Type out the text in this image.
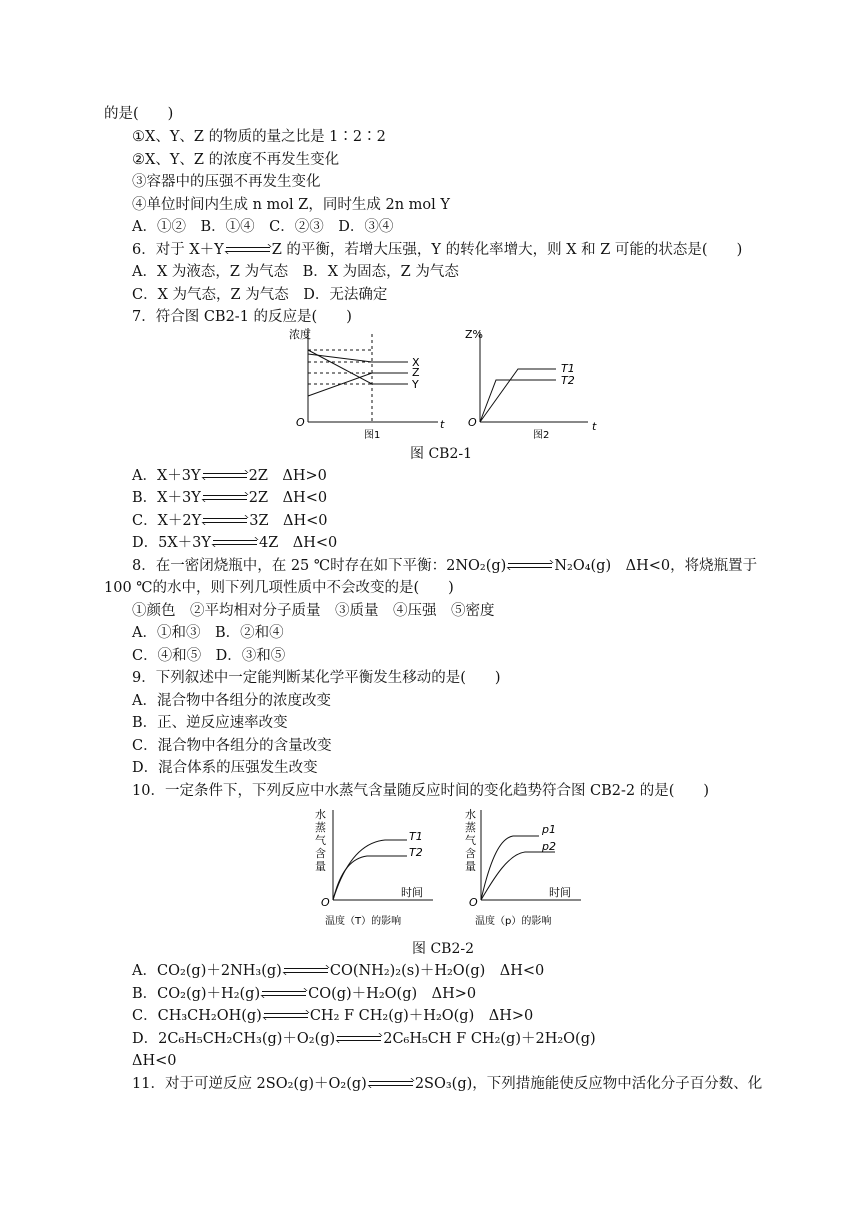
的是(　　)
①X、Y、Z 的物质的量之比是 1∶2∶2
②X、Y、Z 的浓度不再发生变化
③容器中的压强不再发生变化
④单位时间内生成 n mol Z，同时生成 2n mol Y
A．①②　B．①④　C．②③　D．③④
6．对于 X＋Y	Z 的平衡，若增大压强，Y 的转化率增大，则 X 和 Z 可能的状态是(　　)
A．X 为液态，Z 为气态　B．X 为固态，Z 为气态
C．X 为气态，Z 为气态　D．无法确定
7．符合图 CB2-1 的反应是(　　)
浓度
O	t
X
Z
Y
图1
Z%
O	t
T1
T2
图2
图 CB2-1
A．X＋3Y	2Z　ΔH>0
B．X＋3Y	2Z　ΔH<0
C．X＋2Y	3Z　ΔH<0
D．5X＋3Y	4Z　ΔH<0
8．在一密闭烧瓶中，在 25 ℃时存在如下平衡：2NO₂(g)	N₂O₄(g)　ΔH<0，将烧瓶置于
100 ℃的水中，则下列几项性质中不会改变的是(　　)
①颜色　②平均相对分子质量　③质量　④压强　⑤密度
A．①和③　B．②和④
C．④和⑤　D．③和⑤
9．下列叙述中一定能判断某化学平衡发生移动的是(　　)
A．混合物中各组分的浓度改变
B．正、逆反应速率改变
C．混合物中各组分的含量改变
D．混合体系的压强发生改变
10．一定条件下，下列反应中水蒸气含量随反应时间的变化趋势符合图 CB2-2 的是(　　)
水
蒸
气
含
量
O
时间
T1
T2
温度（T）的影响
水
蒸
气
含
量
O
时间
p1
p2
温度（p）的影响
图 CB2-2
A．CO₂(g)＋2NH₃(g)	CO(NH₂)₂(s)＋H₂O(g)　ΔH<0
B．CO₂(g)＋H₂(g)	CO(g)＋H₂O(g)　ΔH>0
C．CH₃CH₂OH(g)	CH₂ F CH₂(g)＋H₂O(g)　ΔH>0
D．2C₆H₅CH₂CH₃(g)＋O₂(g)	2C₆H₅CH F CH₂(g)＋2H₂O(g)
ΔH<0
11．对于可逆反应 2SO₂(g)＋O₂(g)	2SO₃(g)，下列措施能使反应物中活化分子百分数、化
